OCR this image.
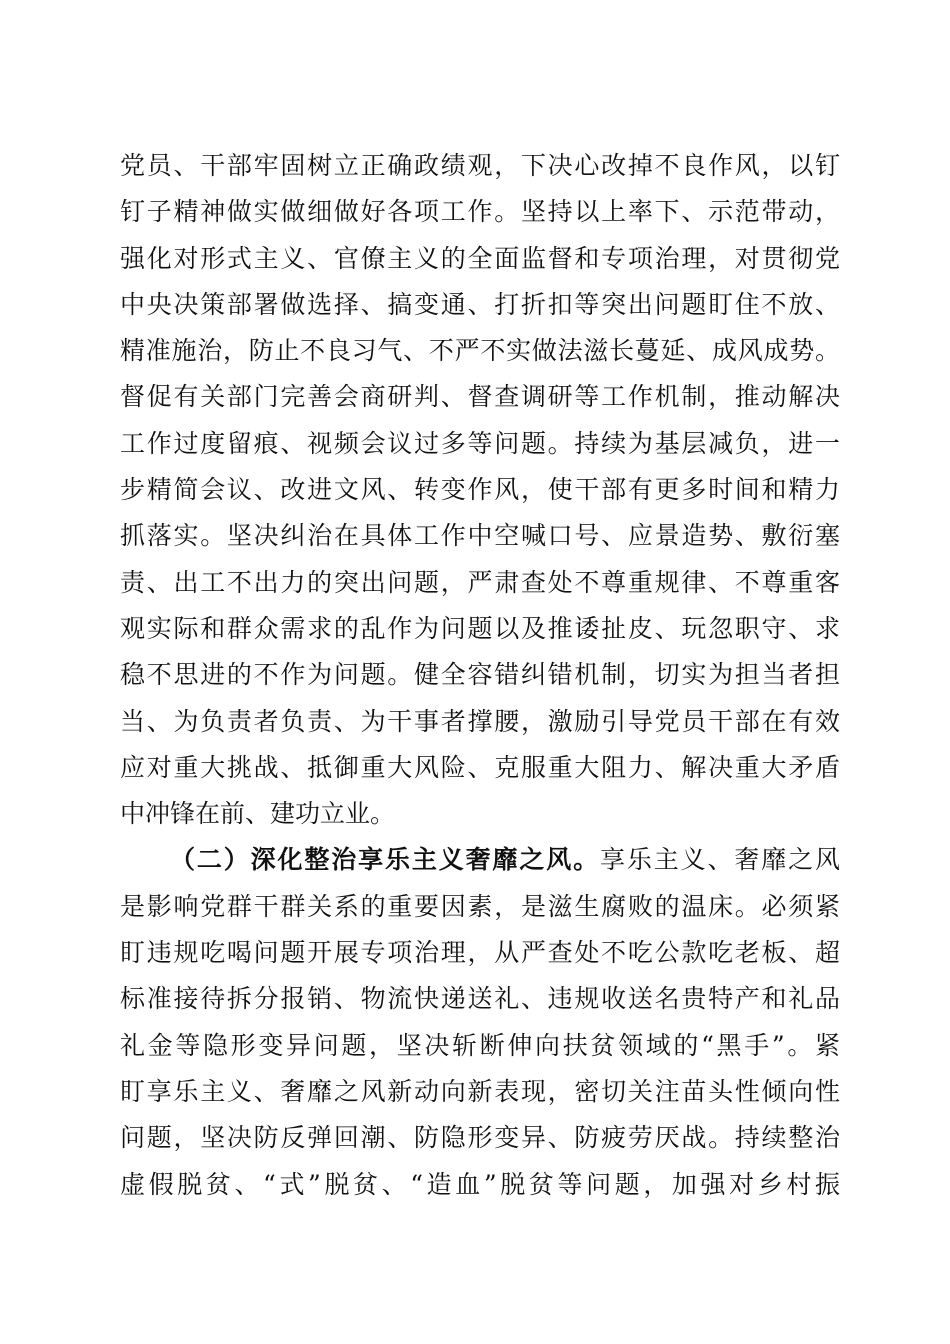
党员、干部牢固树立正确政绩观，下决心改掉不良作风，以钉
钉子精神做实做细做好各项工作。坚持以上率下、示范带动，
强化对形式主义、官僚主义的全面监督和专项治理，对贯彻党
中央决策部署做选择、搞变通、打折扣等突出问题盯住不放、
精准施治，防止不良习气、不严不实做法滋长蔓延、成风成势。
督促有关部门完善会商研判、督查调研等工作机制，推动解决
工作过度留痕、视频会议过多等问题。持续为基层减负，进一
步精简会议、改进文风、转变作风，使干部有更多时间和精力
抓落实。坚决纠治在具体工作中空喊口号、应景造势、敷衍塞
责、出工不出力的突出问题，严肃查处不尊重规律、不尊重客
观实际和群众需求的乱作为问题以及推诿扯皮、玩忽职守、求
稳不思进的不作为问题。健全容错纠错机制，切实为担当者担
当、为负责者负责、为干事者撑腰，激励引导党员干部在有效
应对重大挑战、抵御重大风险、克服重大阻力、解决重大矛盾
中冲锋在前、建功立业。
（二）深化整治享乐主义奢靡之风。享乐主义、奢靡之风
是影响党群干群关系的重要因素，是滋生腐败的温床。必须紧
盯违规吃喝问题开展专项治理，从严查处不吃公款吃老板、超
标准接待拆分报销、物流快递送礼、违规收送名贵特产和礼品
礼金等隐形变异问题，坚决斩断伸向扶贫领域的“黑手”。紧
盯享乐主义、奢靡之风新动向新表现，密切关注苗头性倾向性
问题，坚决防反弹回潮、防隐形变异、防疲劳厌战。持续整治
虚假脱贫、“式”脱贫、“造血”脱贫等问题，加强对乡村振
